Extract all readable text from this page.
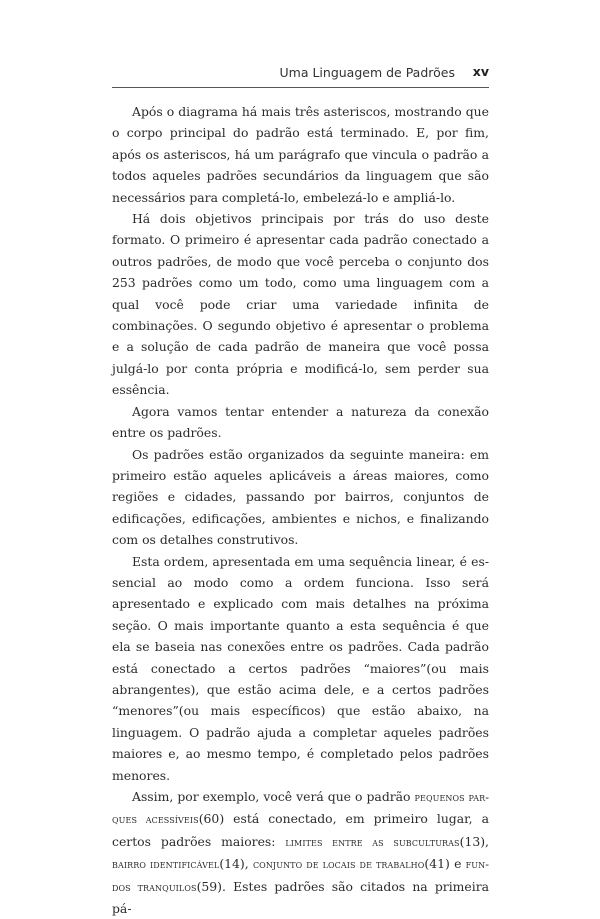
Uma Linguagem de Padrões xv

Após o diagrama há mais três asteriscos, mostrando que o corpo principal do padrão está terminado. E, por fim, após os asteriscos, há um parágrafo que vincula o padrão a todos aqueles padrões secundários da linguagem que são necessários para completá-lo, embelezá-lo e ampliá-lo.

Há dois objetivos principais por trás do uso deste formato. O primeiro é apresentar cada padrão conectado a outros padrões, de modo que você perceba o conjunto dos 253 padrões como um todo, como uma linguagem com a qual você pode criar uma variedade infinita de combinações. O segundo objetivo é apresentar o problema e a solução de cada padrão de maneira que você possa julgá-lo por conta própria e modificá-lo, sem perder sua essência.

Agora vamos tentar entender a natureza da conexão entre os padrões.

Os padrões estão organizados da seguinte maneira: em primeiro estão aqueles aplicáveis a áreas maiores, como regiões e cidades, passando por bairros, conjuntos de edificações, edificações, ambientes e nichos, e finalizando com os detalhes construtivos.

Esta ordem, apresentada em uma sequência linear, é essencial ao modo como a ordem funciona. Isso será apresentado e explicado com mais detalhes na próxima seção. O mais importante quanto a esta sequência é que ela se baseia nas conexões entre os padrões. Cada padrão está conectado a certos padrões “maiores”(ou mais abrangentes), que estão acima dele, e a certos padrões “menores”(ou mais específicos) que estão abaixo, na linguagem. O padrão ajuda a completar aqueles padrões maiores e, ao mesmo tempo, é completado pelos padrões menores.

Assim, por exemplo, você verá que o padrão pequenos parques acessíveis(60) está conectado, em primeiro lugar, a certos padrões maiores: limites entre as subculturas(13), bairro identificável(14), conjunto de locais de trabalho(41) e fundos tranquilos(59). Estes padrões são citados na primeira pá-
